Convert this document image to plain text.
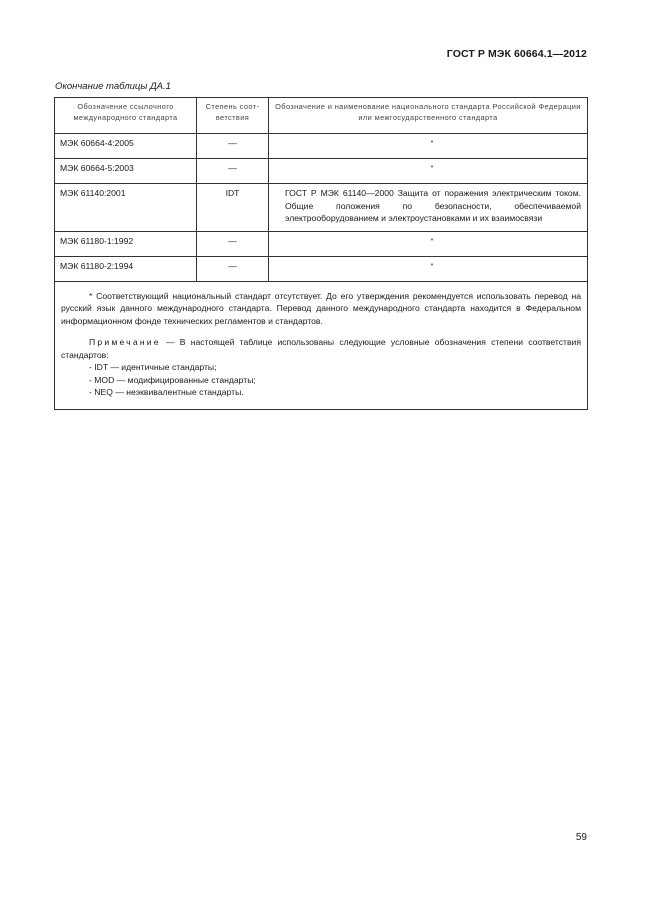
ГОСТ Р МЭК 60664.1—2012
Окончание таблицы ДА.1
Обозначение ссылочного международного стандарта	Степень соот-ветствия	Обозначение и наименование национального стандарта Российской Федерации или межгосударственного стандарта
МЭК 60664-4:2005	—	*
МЭК 60664-5:2003	—	*
МЭК 61140:2001	IDT	ГОСТ Р МЭК 61140—2000 Защита от поражения электрическим током. Общие положения по безопасности, обеспечиваемой электрооборудованием и электроустановками и их взаимосвязи
МЭК 61180-1:1992	—	*
МЭК 61180-2:1994	—	*

* Соответствующий национальный стандарт отсутствует. До его утверждения рекомендуется использовать перевод на русский язык данного международного стандарта. Перевод данного международного стандарта находится в Федеральном информационном фонде технических регламентов и стандартов.

Примечание — В настоящей таблице использованы следующие условные обозначения степени соответствия стандартов:

- IDT — идентичные стандарты;

- MOD — модифицированные стандарты;

- NEQ — неэквивалентные стандарты.		

59
